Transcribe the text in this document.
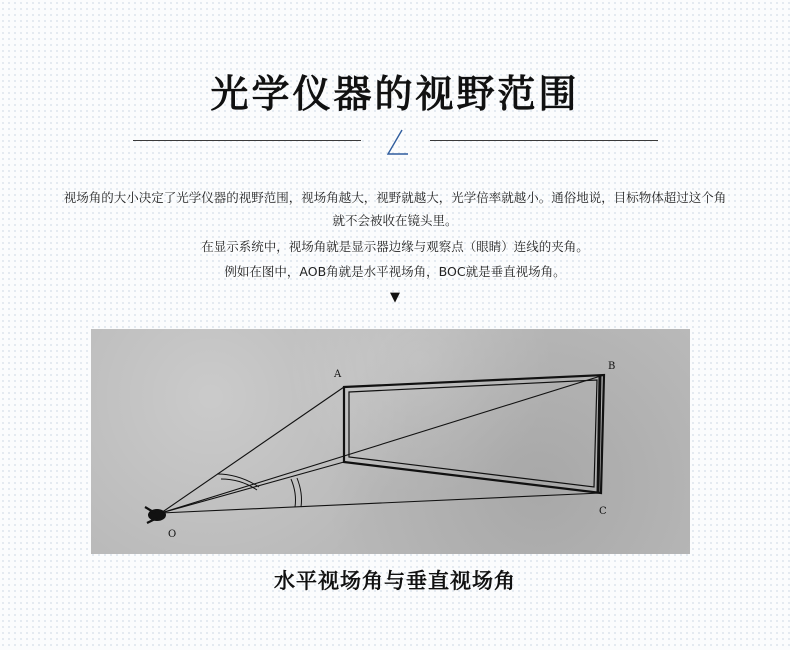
光学仪器的视野范围
视场角的大小决定了光学仪器的视野范围，视场角越大，视野就越大，光学倍率就越小。通俗地说，目标物体超过这个角
就不会被收在镜头里。
在显示系统中，视场角就是显示器边缘与观察点（眼睛）连线的夹角。
例如在图中，AOB角就是水平视场角，BOC就是垂直视场角。
▼
A
B
C
O
水平视场角与垂直视场角
